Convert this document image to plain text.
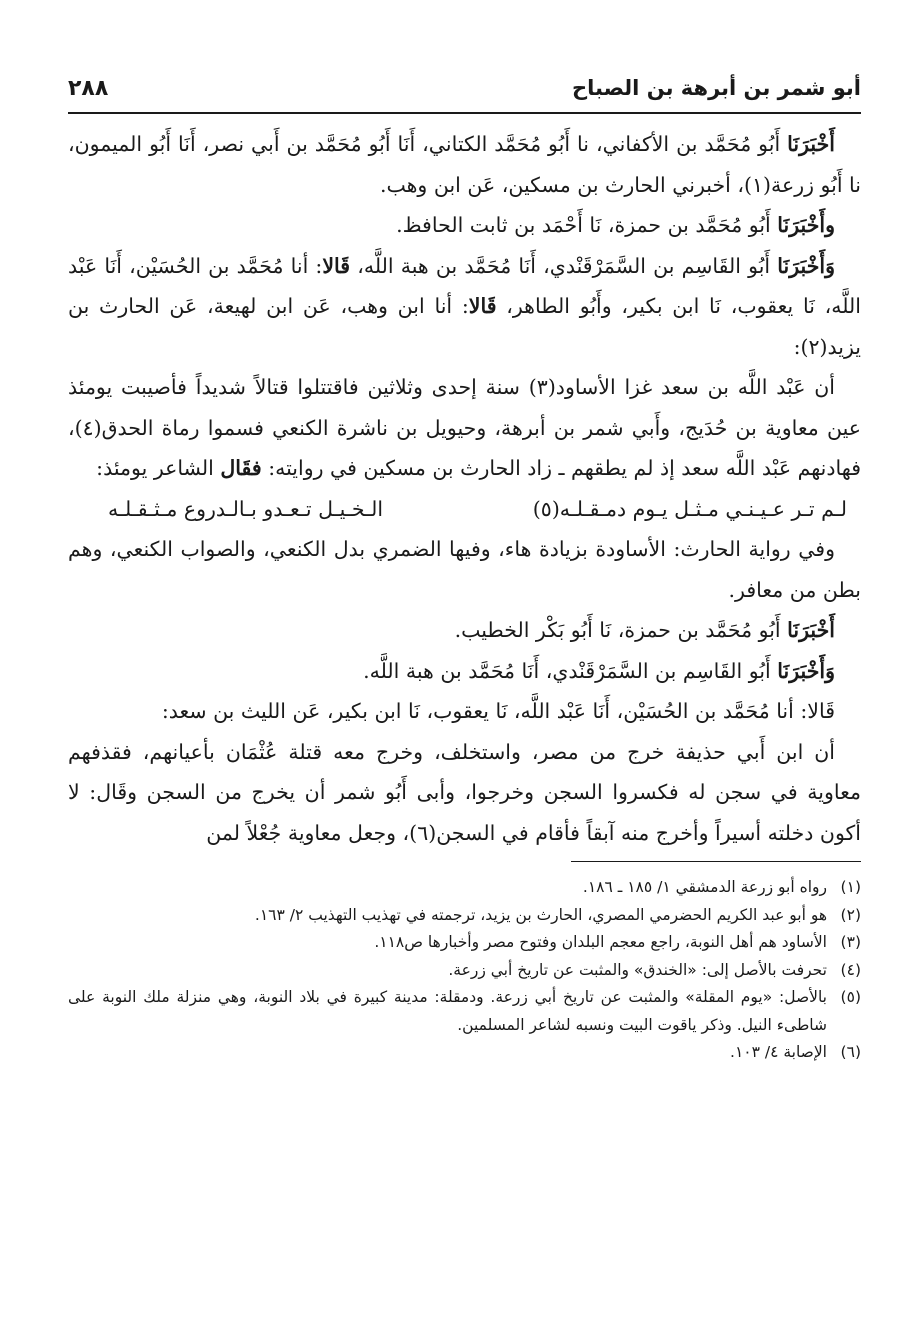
أبو شمر بن أبرهة بن الصباح
٢٨٨

أَخْبَرَنَا أَبُو مُحَمَّد بن الأكفاني، نا أَبُو مُحَمَّد الكتاني، أَنَا أَبُو مُحَمَّد بن أَبي نصر، أَنَا أَبُو الميمون، نا أَبُو زرعة(١)، أخبرني الحارث بن مسكين، عَن ابن وهب.

وأَخْبَرَنَا أَبُو مُحَمَّد بن حمزة، نَا أَحْمَد بن ثابت الحافظ.

وَأَخْبَرَنَا أَبُو القَاسِم بن السَّمَرْقَنْدي، أَنَا مُحَمَّد بن هبة اللَّه، قَالا: أنا مُحَمَّد بن الحُسَيْن، أَنَا عَبْد اللَّه، نَا يعقوب، نَا ابن بكير، وأَبُو الطاهر، قَالا: أنا ابن وهب، عَن ابن لهيعة، عَن الحارث بن يزيد(٢):

أن عَبْد اللَّه بن سعد غزا الأساود(٣) سنة إحدى وثلاثين فاقتتلوا قتالاً شديداً فأصيبت يومئذ عين معاوية بن حُدَيج، وأَبي شمر بن أبرهة، وحيويل بن ناشرة الكنعي فسموا رماة الحدق(٤)، فهادنهم عَبْد اللَّه سعد إذ لم يطقهم ـ زاد الحارث بن مسكين في روايته: فقَال الشاعر يومئذ:

لـم تـر عـيـنـي مـثـل يـوم دمـقـلـه(٥)
الـخـيـل تـعـدو بـالـدروع مـثـقـلـه

وفي رواية الحارث: الأساودة بزيادة هاء، وفيها الضمري بدل الكنعي، والصواب الكنعي، وهم بطن من معافر.

أَخْبَرَنَا أَبُو مُحَمَّد بن حمزة، نَا أَبُو بَكْر الخطيب.

وَأَخْبَرَنَا أَبُو القَاسِم بن السَّمَرْقَنْدي، أَنَا مُحَمَّد بن هبة اللَّه.

قَالا: أنا مُحَمَّد بن الحُسَيْن، أَنَا عَبْد اللَّه، نَا يعقوب، نَا ابن بكير، عَن الليث بن سعد:

أن ابن أَبي حذيفة خرج من مصر، واستخلف، وخرج معه قتلة عُثْمَان بأعيانهم، فقذفهم معاوية في سجن له فكسروا السجن وخرجوا، وأبى أَبُو شمر أن يخرج من السجن وقَال: لا أكون دخلته أسيراً وأخرج منه آبقاً فأقام في السجن(٦)، وجعل معاوية جُعْلاً لمن

(١)
رواه أبو زرعة الدمشقي ١/ ١٨٥ ـ ١٨٦.
(٢)
هو أبو عبد الكريم الحضرمي المصري، الحارث بن يزيد، ترجمته في تهذيب التهذيب ٢/ ١٦٣.
(٣)
الأساود هم أهل النوبة، راجع معجم البلدان وفتوح مصر وأخبارها ص١١٨.
(٤)
تحرفت بالأصل إلى: «الخندق» والمثبت عن تاريخ أبي زرعة.
(٥)
بالأصل: «يوم المقلة» والمثبت عن تاريخ أبي زرعة. ودمقلة: مدينة كبيرة في بلاد النوبة، وهي منزلة ملك النوبة على شاطىء النيل. وذكر ياقوت البيت ونسبه لشاعر المسلمين.
(٦)
الإصابة ٤/ ١٠٣.
